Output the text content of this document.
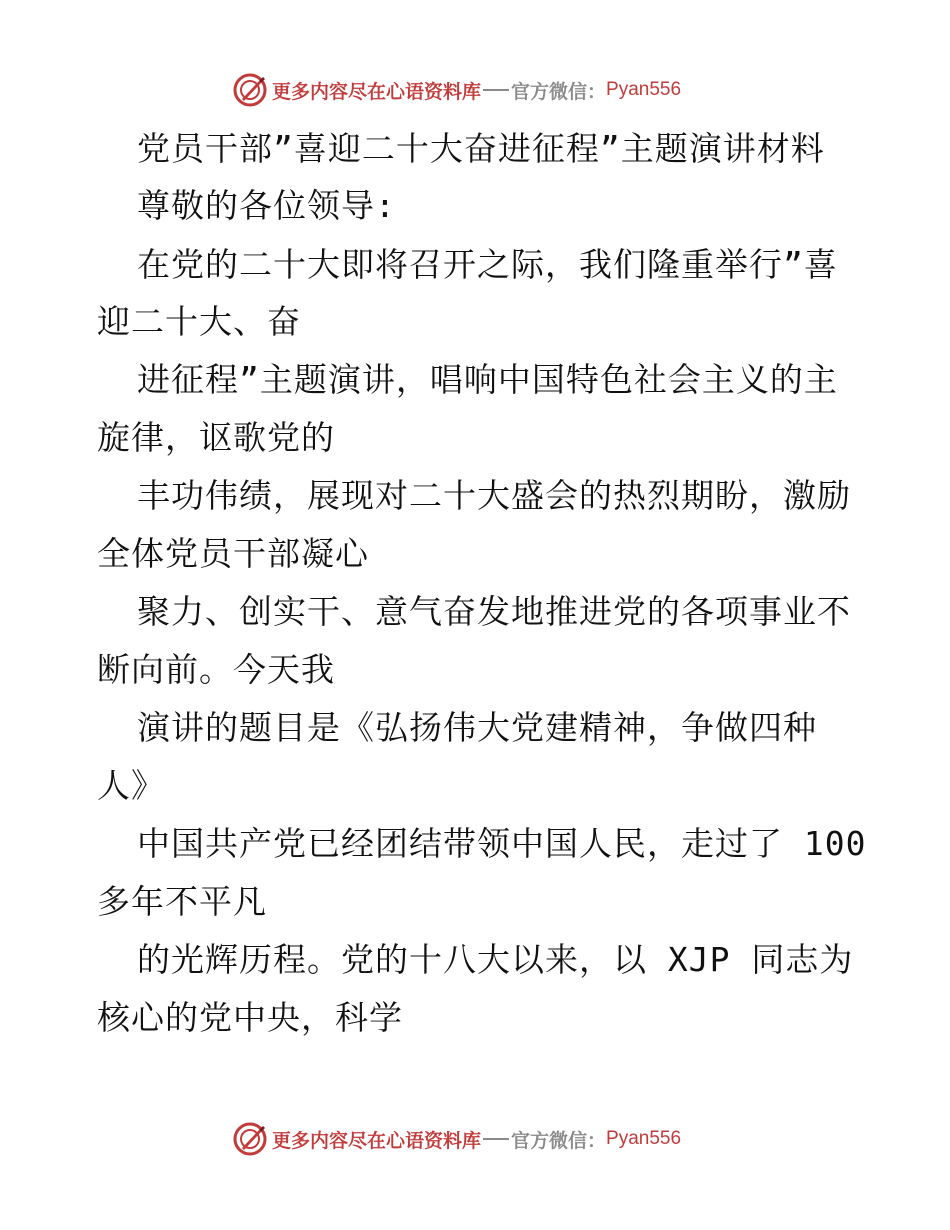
更多内容尽在心语资料库 官方微信： Pyan556
党员干部”喜迎二十大奋进征程”主题演讲材料
尊敬的各位领导:
在党的二十大即将召开之际，我们隆重举行”喜
迎二十大、奋
进征程”主题演讲，唱响中国特色社会主义的主
旋律，讴歌党的
丰功伟绩，展现对二十大盛会的热烈期盼，激励
全体党员干部凝心
聚力、创实干、意气奋发地推进党的各项事业不
断向前。今天我
演讲的题目是《弘扬伟大党建精神，争做四种
人》
中国共产党已经团结带领中国人民，走过了 100
多年不平凡
的光辉历程。党的十八大以来，以 XJP 同志为
核心的党中央，科学
更多内容尽在心语资料库 官方微信： Pyan556
